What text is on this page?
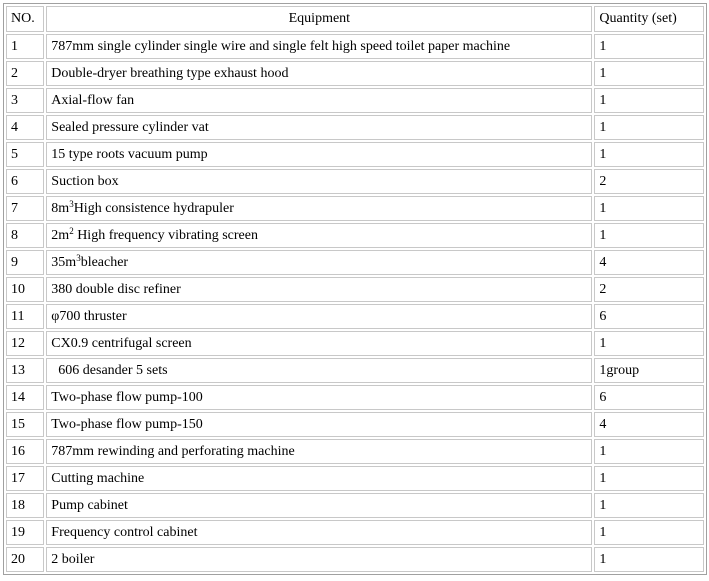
NO.	Equipment	Quantity (set)
1	787mm single cylinder single wire and single felt high speed toilet paper machine	1
2	Double-dryer breathing type exhaust hood	1
3	Axial-flow fan	1
4	Sealed pressure cylinder vat	1
5	15 type roots vacuum pump	1
6	Suction box	2
7	$8m^3High$ consistence hydrapuler	1
8	$2m^2$ High frequency vibrating screen	1
9	$35m^3bleacher$	4
10	380 double disc refiner	2
11	φ700 thruster	6
12	CX0.9 centrifugal screen	1
13	606 desander 5 sets	1group
14	Two-phase flow pump-100	6
15	Two-phase flow pump-150	4
16	787mm rewinding and perforating machine	1
17	Cutting machine	1
18	Pump cabinet	1
19	Frequency control cabinet	1
20	2 boiler	1
